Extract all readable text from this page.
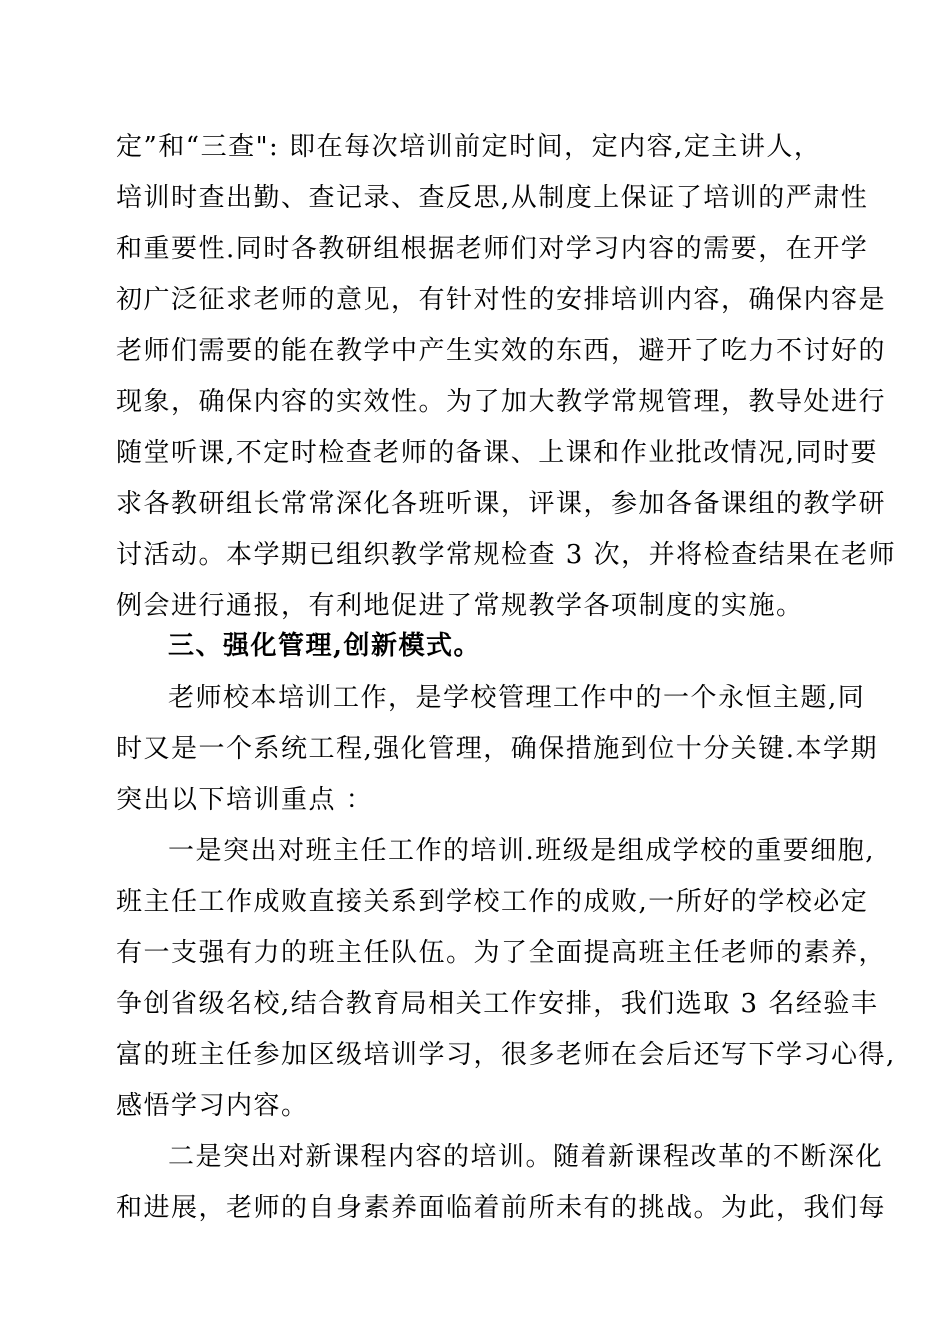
定”和“三查": 即在每次培训前定时间，定内容,定主讲人，
培训时查出勤、查记录、查反思,从制度上保证了培训的严肃性
和重要性.同时各教研组根据老师们对学习内容的需要，在开学
初广泛征求老师的意见，有针对性的安排培训内容，确保内容是
老师们需要的能在教学中产生实效的东西，避开了吃力不讨好的
现象，确保内容的实效性。为了加大教学常规管理，教导处进行
随堂听课,不定时检查老师的备课、上课和作业批改情况,同时要
求各教研组长常常深化各班听课，评课，参加各备课组的教学研
讨活动。本学期已组织教学常规检查 3 次，并将检查结果在老师
例会进行通报，有利地促进了常规教学各项制度的实施。
三、强化管理,创新模式。
老师校本培训工作，是学校管理工作中的一个永恒主题,同
时又是一个系统工程,强化管理，确保措施到位十分关键.本学期
突出以下培训重点 ：
一是突出对班主任工作的培训.班级是组成学校的重要细胞,
班主任工作成败直接关系到学校工作的成败,一所好的学校必定
有一支强有力的班主任队伍。为了全面提高班主任老师的素养，
争创省级名校,结合教育局相关工作安排，我们选取 3 名经验丰
富的班主任参加区级培训学习，很多老师在会后还写下学习心得,
感悟学习内容。
二是突出对新课程内容的培训。随着新课程改革的不断深化
和进展，老师的自身素养面临着前所未有的挑战。为此，我们每
